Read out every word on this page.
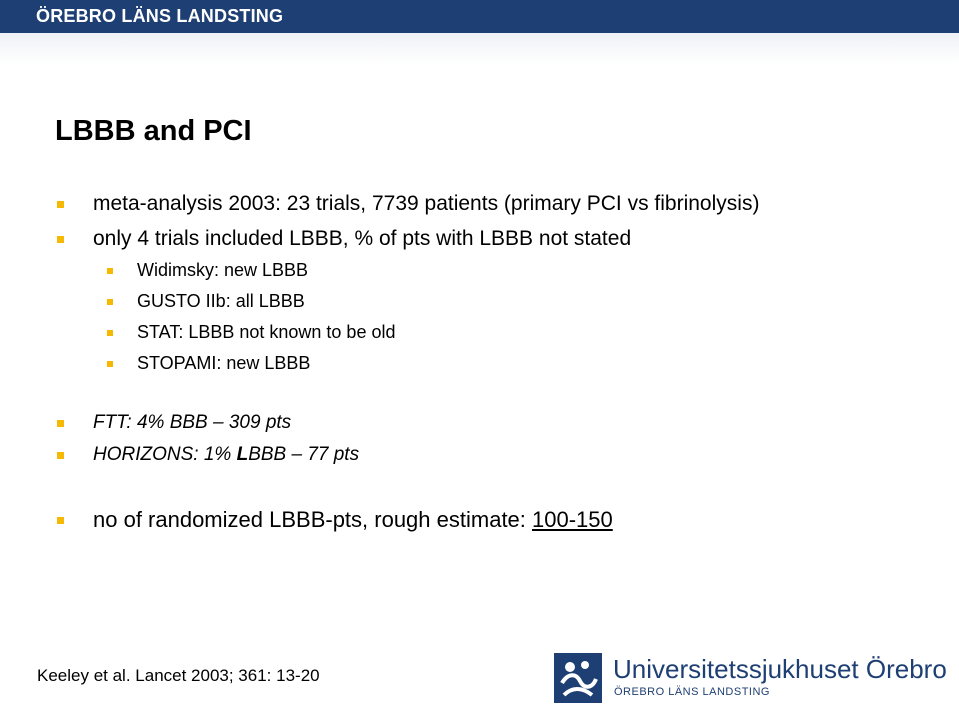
ÖREBRO LÄNS LANDSTING
LBBB and PCI
meta-analysis 2003: 23 trials, 7739 patients (primary PCI vs fibrinolysis)
only 4 trials included LBBB, % of pts with LBBB not stated
Widimsky: new LBBB
GUSTO IIb: all LBBB
STAT: LBBB not known to be old
STOPAMI: new LBBB
FTT: 4% BBB – 309 pts
HORIZONS: 1% LBBB – 77 pts
no of randomized LBBB-pts, rough estimate: 100-150
Keeley et al. Lancet 2003; 361: 13-20	Universitetssjukhuset Örebro
ÖREBRO LÄNS LANDSTING
